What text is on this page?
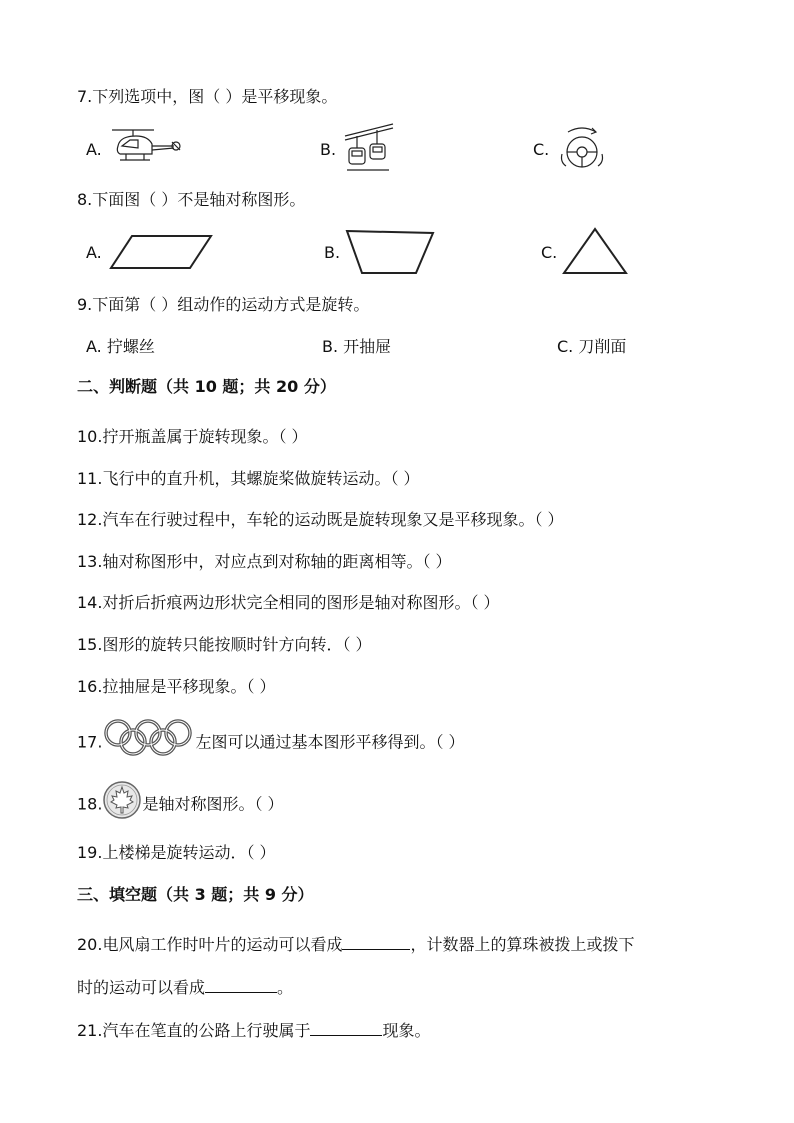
7.下列选项中，图（ ）是平移现象。
A.	B.	C.
8.下面图（ ）不是轴对称图形。
A.	B.	C.
9.下面第（ ）组动作的运动方式是旋转。
A. 拧螺丝	B. 开抽屉	C. 刀削面
二、判断题（共 10 题；共 20 分）
10.拧开瓶盖属于旋转现象。（ ）
11.飞行中的直升机，其螺旋桨做旋转运动。（ ）
12.汽车在行驶过程中，车轮的运动既是旋转现象又是平移现象。（ ）
13.轴对称图形中，对应点到对称轴的距离相等。（ ）
14.对折后折痕两边形状完全相同的图形是轴对称图形。（ ）
15.图形的旋转只能按顺时针方向转．（ ）
16.拉抽屉是平移现象。（ ）
17.	左图可以通过基本图形平移得到。（ ）
18.	是轴对称图形。（ ）
19.上楼梯是旋转运动．（ ）
三、填空题（共 3 题；共 9 分）
20.电风扇工作时叶片的运动可以看成	，计数器上的算珠被拨上或拨下
时的运动可以看成	。
21.汽车在笔直的公路上行驶属于	现象。
